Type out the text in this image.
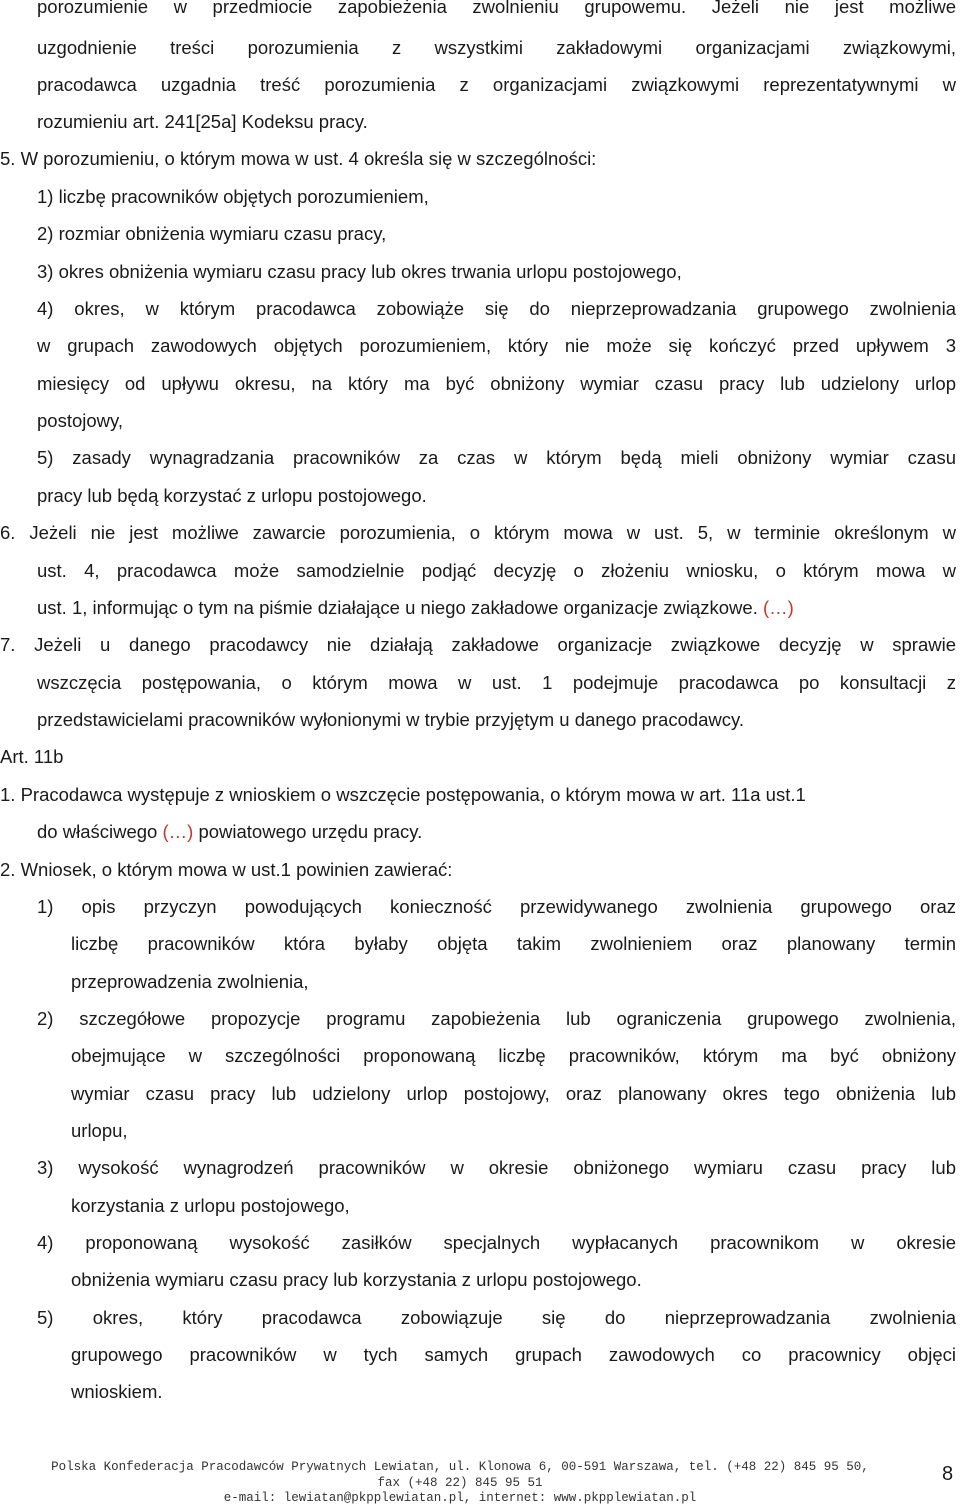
porozumienie w przedmiocie zapobieżenia zwolnieniu grupowemu. Jeżeli nie jest możliwe
uzgodnienie treści porozumienia z wszystkimi zakładowymi organizacjami związkowymi,
pracodawca uzgadnia treść porozumienia z organizacjami związkowymi reprezentatywnymi w
rozumieniu art. 241[25a] Kodeksu pracy.
5. W porozumieniu, o którym mowa w ust. 4 określa się w szczególności:
1) liczbę pracowników objętych porozumieniem,
2) rozmiar obniżenia wymiaru czasu pracy,
3) okres obniżenia wymiaru czasu pracy lub okres trwania urlopu postojowego,
4) okres, w którym pracodawca zobowiąże się do nieprzeprowadzania grupowego zwolnienia
w grupach zawodowych objętych porozumieniem, który nie może się kończyć przed upływem 3
miesięcy od upływu okresu, na który ma być obniżony wymiar czasu pracy lub udzielony urlop
postojowy,
5) zasady wynagradzania pracowników za czas w którym będą mieli obniżony wymiar czasu
pracy lub będą korzystać z urlopu postojowego.
6. Jeżeli nie jest możliwe zawarcie porozumienia, o którym mowa w ust. 5, w terminie określonym w
ust. 4, pracodawca może samodzielnie podjąć decyzję o złożeniu wniosku, o którym mowa w
ust. 1, informując o tym na piśmie działające u niego zakładowe organizacje związkowe. (…)
7. Jeżeli u danego pracodawcy nie działają zakładowe organizacje związkowe decyzję w sprawie
wszczęcia postępowania, o którym mowa w ust. 1 podejmuje pracodawca po konsultacji z
przedstawicielami pracowników wyłonionymi w trybie przyjętym u danego pracodawcy.
Art. 11b
1. Pracodawca występuje z wnioskiem o wszczęcie postępowania, o którym mowa w art. 11a ust.1
do właściwego (…) powiatowego urzędu pracy.
2. Wniosek, o którym mowa w ust.1 powinien zawierać:
1) opis przyczyn powodujących konieczność przewidywanego zwolnienia grupowego oraz
liczbę pracowników która byłaby objęta takim zwolnieniem oraz planowany termin
przeprowadzenia zwolnienia,
2) szczegółowe propozycje programu zapobieżenia lub ograniczenia grupowego zwolnienia,
obejmujące w szczególności proponowaną liczbę pracowników, którym ma być obniżony
wymiar czasu pracy lub udzielony urlop postojowy, oraz planowany okres tego obniżenia lub
urlopu,
3) wysokość wynagrodzeń pracowników w okresie obniżonego wymiaru czasu pracy lub
korzystania z urlopu postojowego,
4) proponowaną wysokość zasiłków specjalnych wypłacanych pracownikom w okresie
obniżenia wymiaru czasu pracy lub korzystania z urlopu postojowego.
5) okres, który pracodawca zobowiązuje się do nieprzeprowadzania zwolnienia
grupowego pracowników w tych samych grupach zawodowych co pracownicy objęci
wnioskiem.
Polska Konfederacja Pracodawców Prywatnych Lewiatan, ul. Klonowa 6, 00-591 Warszawa, tel. (+48 22) 845 95 50,
fax (+48 22) 845 95 51
e-mail: lewiatan@pkpplewiatan.pl, internet: www.pkpplewiatan.pl
8
